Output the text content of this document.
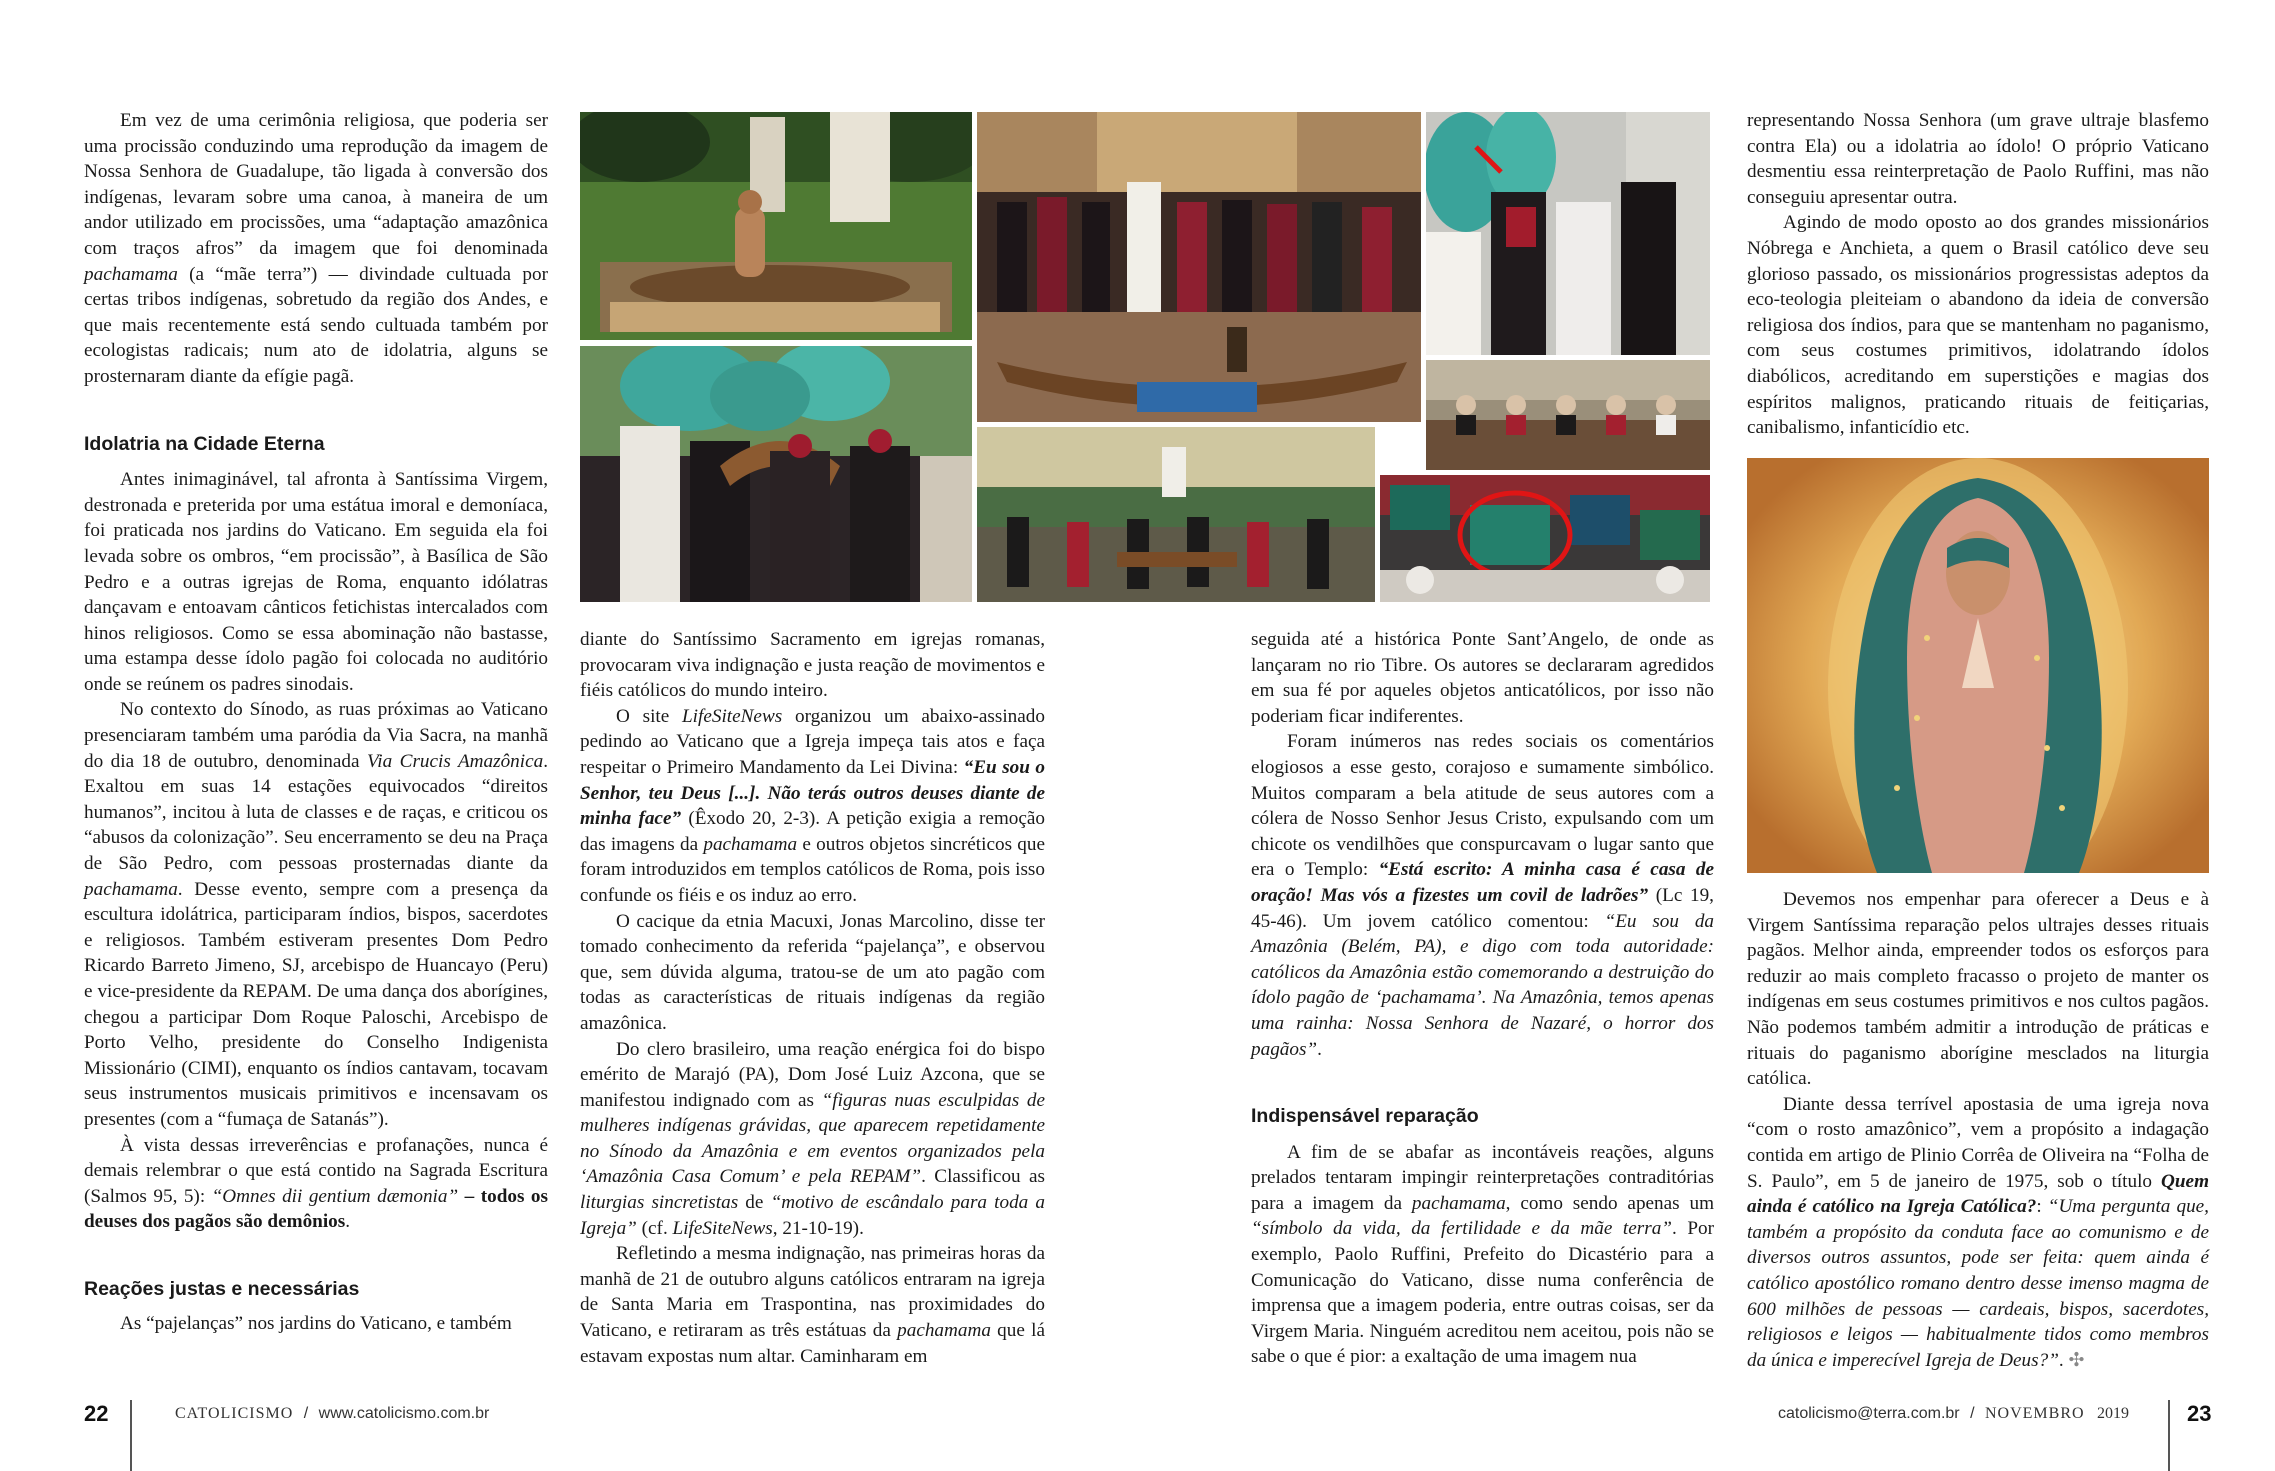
Em vez de uma cerimônia religiosa, que poderia ser uma procissão conduzindo uma reprodução da imagem de Nossa Senhora de Guadalupe, tão ligada à conversão dos indígenas, levaram sobre uma canoa, à maneira de um andor utilizado em procissões, uma “adaptação amazônica com traços afros” da imagem que foi denominada pachamama (a “mãe terra”) — divindade cultuada por certas tribos indígenas, sobretudo da região dos Andes, e que mais recentemente está sendo cultuada também por ecologistas radicais; num ato de idolatria, alguns se prosternaram diante da efígie pagã.

Idolatria na Cidade Eterna

Antes inimaginável, tal afronta à Santíssima Virgem, destronada e preterida por uma estátua imoral e demoníaca, foi praticada nos jardins do Vaticano. Em seguida ela foi levada sobre os ombros, “em procissão”, à Basílica de São Pedro e a outras igrejas de Roma, enquanto idólatras dançavam e entoavam cânticos fetichistas intercalados com hinos religiosos. Como se essa abominação não bastasse, uma estampa desse ídolo pagão foi colocada no auditório onde se reúnem os padres sinodais.

No contexto do Sínodo, as ruas próximas ao Vaticano presenciaram também uma paródia da Via Sacra, na manhã do dia 18 de outubro, denominada Via Crucis Amazônica. Exaltou em suas 14 estações equivocados “direitos humanos”, incitou à luta de classes e de raças, e criticou os “abusos da colonização”. Seu encerramento se deu na Praça de São Pedro, com pessoas prosternadas diante da pachamama. Desse evento, sempre com a presença da escultura idolátrica, participaram índios, bispos, sacerdotes e religiosos. Também estiveram presentes Dom Pedro Ricardo Barreto Jimeno, SJ, arcebispo de Huancayo (Peru) e vice-presidente da REPAM. De uma dança dos aborígines, chegou a participar Dom Roque Paloschi, Arcebispo de Porto Velho, presidente do Conselho Indigenista Missionário (CIMI), enquanto os índios cantavam, tocavam seus instrumentos musicais primitivos e incensavam os presentes (com a “fumaça de Satanás”).

À vista dessas irreverências e profanações, nunca é demais relembrar o que está contido na Sagrada Escritura (Salmos 95, 5): “Omnes dii gentium dæmonia” – todos os deuses dos pagãos são demônios.

Reações justas e necessárias

As “pajelanças” nos jardins do Vaticano, e também

diante do Santíssimo Sacramento em igrejas romanas, provocaram viva indignação e justa reação de movimentos e fiéis católicos do mundo inteiro.

O site LifeSiteNews organizou um abaixo-assinado pedindo ao Vaticano que a Igreja impeça tais atos e faça respeitar o Primeiro Mandamento da Lei Divina: “Eu sou o Senhor, teu Deus [...]. Não terás outros deuses diante de minha face” (Êxodo 20, 2-3). A petição exigia a remoção das imagens da pachamama e outros objetos sincréticos que foram introduzidos em templos católicos de Roma, pois isso confunde os fiéis e os induz ao erro.

O cacique da etnia Macuxi, Jonas Marcolino, disse ter tomado conhecimento da referida “pajelança”, e observou que, sem dúvida alguma, tratou-se de um ato pagão com todas as características de rituais indígenas da região amazônica.

Do clero brasileiro, uma reação enérgica foi do bispo emérito de Marajó (PA), Dom José Luiz Azcona, que se manifestou indignado com as “figuras nuas esculpidas de mulheres indígenas grávidas, que aparecem repetidamente no Sínodo da Amazônia e em eventos organizados pela ‘Amazônia Casa Comum’ e pela REPAM”. Classificou as liturgias sincretistas de “motivo de escândalo para toda a Igreja” (cf. LifeSiteNews, 21-10-19).

Refletindo a mesma indignação, nas primeiras horas da manhã de 21 de outubro alguns católicos entraram na igreja de Santa Maria em Traspontina, nas proximidades do Vaticano, e retiraram as três estátuas da pachamama que lá estavam expostas num altar. Caminharam em

seguida até a histórica Ponte Sant’Angelo, de onde as lançaram no rio Tibre. Os autores se declararam agredidos em sua fé por aqueles objetos anticatólicos, por isso não poderiam ficar indiferentes.

Foram inúmeros nas redes sociais os comentários elogiosos a esse gesto, corajoso e sumamente simbólico. Muitos comparam a bela atitude de seus autores com a cólera de Nosso Senhor Jesus Cristo, expulsando com um chicote os vendilhões que conspurcavam o lugar santo que era o Templo: “Está escrito: A minha casa é casa de oração! Mas vós a fizestes um covil de ladrões” (Lc 19, 45-46). Um jovem católico comentou: “Eu sou da Amazônia (Belém, PA), e digo com toda autoridade: católicos da Amazônia estão comemorando a destruição do ídolo pagão de ‘pachamama’. Na Amazônia, temos apenas uma rainha: Nossa Senhora de Nazaré, o horror dos pagãos”.

Indispensável reparação

A fim de se abafar as incontáveis reações, alguns prelados tentaram impingir reinterpretações contraditórias para a imagem da pachamama, como sendo apenas um “símbolo da vida, da fertilidade e da mãe terra”. Por exemplo, Paolo Ruffini, Prefeito do Dicastério para a Comunicação do Vaticano, disse numa conferência de imprensa que a imagem poderia, entre outras coisas, ser da Virgem Maria. Ninguém acreditou nem aceitou, pois não se sabe o que é pior: a exaltação de uma imagem nua

representando Nossa Senhora (um grave ultraje blasfemo contra Ela) ou a idolatria ao ídolo! O próprio Vaticano desmentiu essa reinterpretação de Paolo Ruffini, mas não conseguiu apresentar outra.

Agindo de modo oposto ao dos grandes missionários Nóbrega e Anchieta, a quem o Brasil católico deve seu glorioso passado, os missionários progressistas adeptos da eco-teologia pleiteiam o abandono da ideia de conversão religiosa dos índios, para que se mantenham no paganismo, com seus costumes primitivos, idolatrando ídolos diabólicos, acreditando em superstições e magias dos espíritos malignos, praticando rituais de feitiçarias, canibalismo, infanticídio etc.

Devemos nos empenhar para oferecer a Deus e à Virgem Santíssima reparação pelos ultrajes desses rituais pagãos. Melhor ainda, empreender todos os esforços para reduzir ao mais completo fracasso o projeto de manter os indígenas em seus costumes primitivos e nos cultos pagãos. Não podemos também admitir a introdução de práticas e rituais do paganismo aborígine mesclados na liturgia católica.

Diante dessa terrível apostasia de uma igreja nova “com o rosto amazônico”, vem a propósito a indagação contida em artigo de Plinio Corrêa de Oliveira na “Folha de S. Paulo”, em 5 de janeiro de 1975, sob o título Quem ainda é católico na Igreja Católica?: “Uma pergunta que, também a propósito da conduta face ao comunismo e de diversos outros assuntos, pode ser feita: quem ainda é católico apostólico romano dentro desse imenso magma de 600 milhões de pessoas — cardeais, bispos, sacerdotes, religiosos e leigos — habitualmente tidos como membros da única e imperecível Igreja de Deus?”. ✣

22	CATOLICISMO / www.catolicismo.com.br	catolicismo@terra.com.br / NOVEMBRO 2019	23
